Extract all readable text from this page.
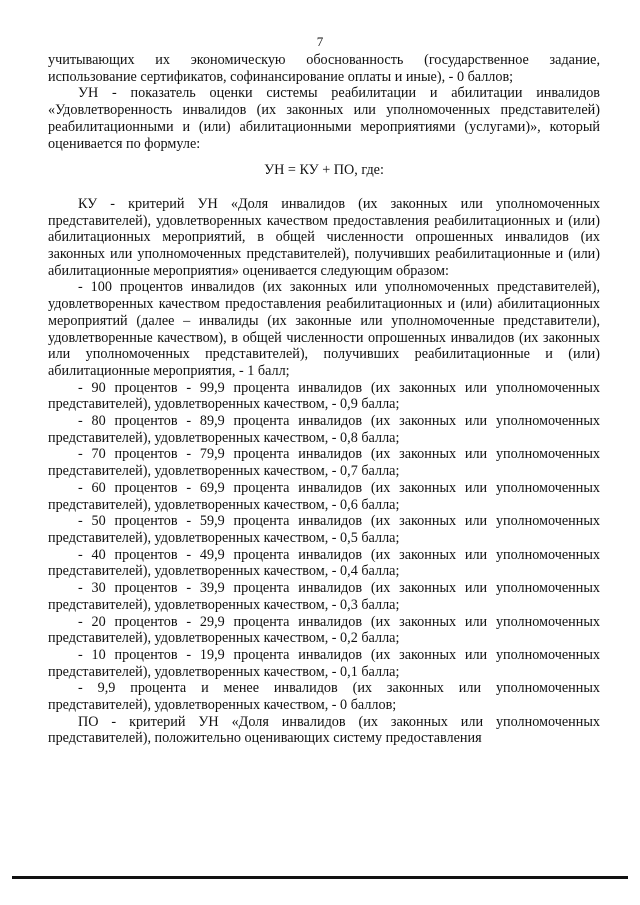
7

учитывающих их экономическую обоснованность (государственное задание, использование сертификатов, софинансирование оплаты и иные), - 0 баллов;

УН - показатель оценки системы реабилитации и абилитации инвалидов «Удовлетворенность инвалидов (их законных или уполномоченных представителей) реабилитационными и (или) абилитационными мероприятиями (услугами)», который оценивается по формуле:

УН = КУ + ПО, где:

КУ - критерий УН «Доля инвалидов (их законных или уполномоченных представителей), удовлетворенных качеством предоставления реабилитационных и (или) абилитационных мероприятий, в общей численности опрошенных инвалидов (их законных или уполномоченных представителей), получивших реабилитационные и (или) абилитационные мероприятия» оценивается следующим образом:

- 100 процентов инвалидов (их законных или уполномоченных представителей), удовлетворенных качеством предоставления реабилитационных и (или) абилитационных мероприятий (далее – инвалиды (их законные или уполномоченные представители), удовлетворенные качеством), в общей численности опрошенных инвалидов (их законных или уполномоченных представителей), получивших реабилитационные и (или) абилитационные мероприятия, - 1 балл;

- 90 процентов - 99,9 процента инвалидов (их законных или уполномоченных представителей), удовлетворенных качеством, - 0,9 балла;

- 80 процентов - 89,9 процента инвалидов (их законных или уполномоченных представителей), удовлетворенных качеством, - 0,8 балла;

- 70 процентов - 79,9 процента инвалидов (их законных или уполномоченных представителей), удовлетворенных качеством, - 0,7 балла;

- 60 процентов - 69,9 процента инвалидов (их законных или уполномоченных представителей), удовлетворенных качеством, - 0,6 балла;

- 50 процентов - 59,9 процента инвалидов (их законных или уполномоченных представителей), удовлетворенных качеством, - 0,5 балла;

- 40 процентов - 49,9 процента инвалидов (их законных или уполномоченных представителей), удовлетворенных качеством, - 0,4 балла;

- 30 процентов - 39,9 процента инвалидов (их законных или уполномоченных представителей), удовлетворенных качеством, - 0,3 балла;

- 20 процентов - 29,9 процента инвалидов (их законных или уполномоченных представителей), удовлетворенных качеством, - 0,2 балла;

- 10 процентов - 19,9 процента инвалидов (их законных или уполномоченных представителей), удовлетворенных качеством, - 0,1 балла;

- 9,9 процента и менее инвалидов (их законных или уполномоченных представителей), удовлетворенных качеством, - 0 баллов;

ПО - критерий УН «Доля инвалидов (их законных или уполномоченных представителей), положительно оценивающих систему предоставления
